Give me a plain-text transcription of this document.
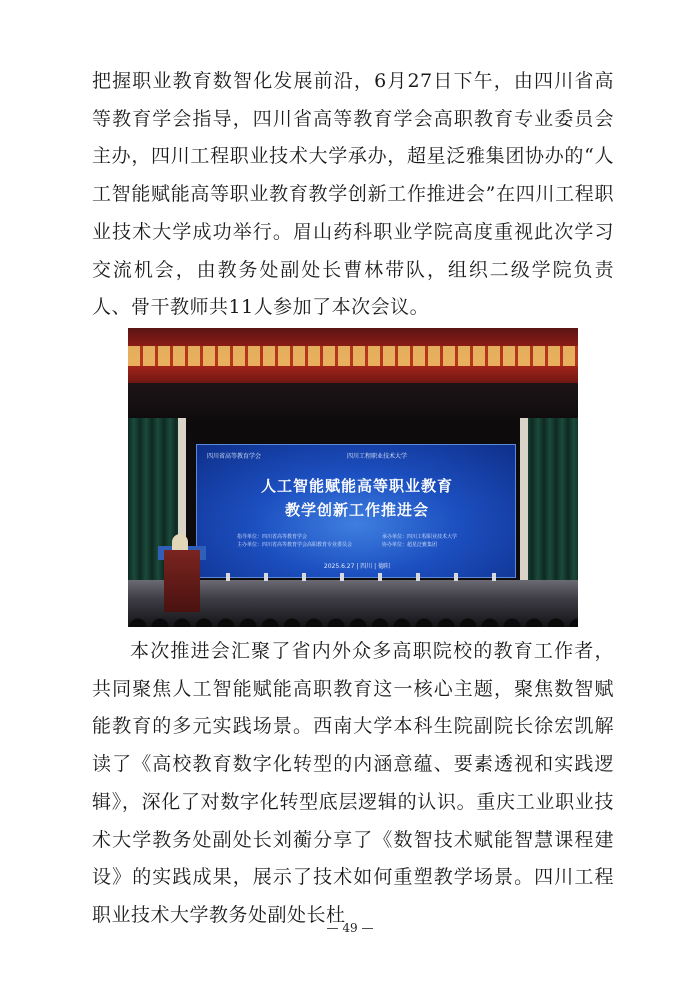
把握职业教育数智化发展前沿，6月27日下午，由四川省高等教育学会指导，四川省高等教育学会高职教育专业委员会主办，四川工程职业技术大学承办，超星泛雅集团协办的“人工智能赋能高等职业教育教学创新工作推进会”在四川工程职业技术大学成功举行。眉山药科职业学院高度重视此次学习交流机会，由教务处副处长曹林带队，组织二级学院负责人、骨干教师共11人参加了本次会议。

四川省高等教育学会	四川工程职业技术大学
人工智能赋能高等职业教育
教学创新工作推进会
指导单位：四川省高等教育学会
主办单位：四川省高等教育学会高职教育专业委员会
承办单位：四川工程职业技术大学
协办单位：超星泛雅集团
2025.6.27 | 四川 | 德阳

本次推进会汇聚了省内外众多高职院校的教育工作者，共同聚焦人工智能赋能高职教育这一核心主题，聚焦数智赋能教育的多元实践场景。西南大学本科生院副院长徐宏凯解读了《高校教育数字化转型的内涵意蕴、要素透视和实践逻辑》，深化了对数字化转型底层逻辑的认识。重庆工业职业技术大学教务处副处长刘蘅分享了《数智技术赋能智慧课程建设》的实践成果，展示了技术如何重塑教学场景。四川工程职业技术大学教务处副处长杜

— 49 —
